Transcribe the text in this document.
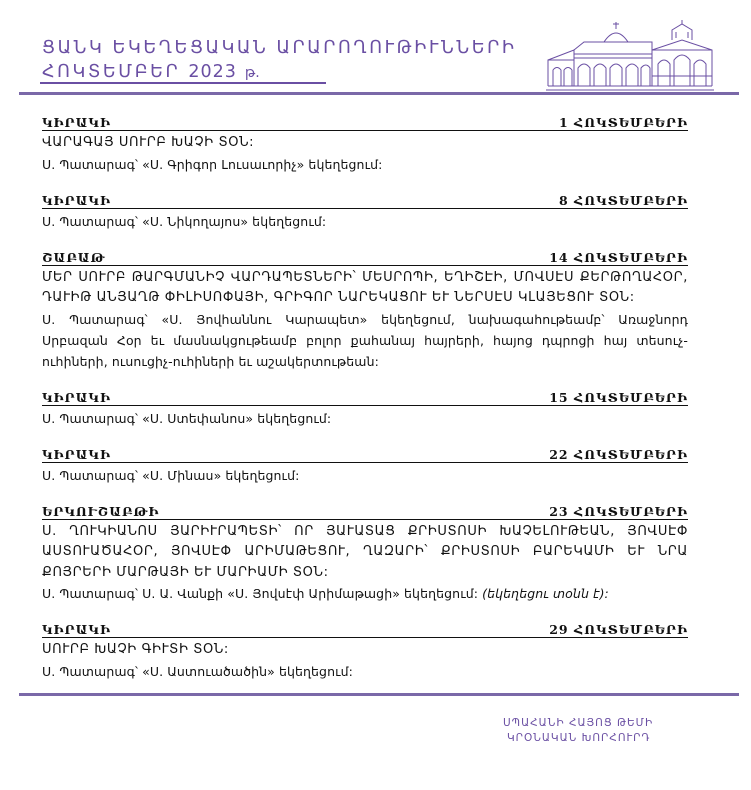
ՑԱՆԿ ԵԿԵՂԵՑԱԿԱՆ ԱՐԱՐՈՂՈՒԹԻՒՆՆԵՐԻ
ՀՈԿՏԵՄԲԵՐ 2023 թ.
ԿԻՐԱԿԻ	1 ՀՈԿՏԵՄԲԵՐԻ
ՎԱՐԱԳԱՅ ՍՈՒՐԲ ԽԱՉԻ ՏՕՆ:
Ս. Պատարագ՝ «Ս. Գրիգոր Լուսաւորիչ» եկեղեցում:
ԿԻՐԱԿԻ	8 ՀՈԿՏԵՄԲԵՐԻ
Ս. Պատարագ՝ «Ս. Նիկողայոս» եկեղեցում:
ՇԱԲԱԹ	14 ՀՈԿՏԵՄԲԵՐԻ
ՄԵՐ ՍՈՒՐԲ ԹԱՐԳՄԱՆԻՉ ՎԱՐԴԱՊԵՏՆԵՐԻ՝ ՄԵՍՐՈՊԻ, ԵՂԻՇԷԻ, ՄՈՎՍԷՍ ՔԵՐԹՈՂԱՀՕՐ, ԴԱՒԻԹ ԱՆՅԱՂԹ ՓԻԼԻՍՈՓԱՅԻ, ԳՐԻԳՈՐ ՆԱՐԵԿԱՑՈՒ ԵՒ ՆԵՐՍԷՍ ԿԼԱՅԵՑՈՒ ՏՕՆ:
Ս. Պատարագ՝ «Ս. Յովհաննու Կարապետ» եկեղեցում, նախագահութեամբ՝ Առաջնորդ Սրբազան Հօր եւ մասնակցութեամբ բոլոր քահանայ հայրերի, հայոց դպրոցի հայ տեսուչ-ուհիների, ուսուցիչ-ուհիների եւ աշակերտութեան:
ԿԻՐԱԿԻ	15 ՀՈԿՏԵՄԲԵՐԻ
Ս. Պատարագ՝ «Ս. Ստեփանոս» եկեղեցում:
ԿԻՐԱԿԻ	22 ՀՈԿՏԵՄԲԵՐԻ
Ս. Պատարագ՝ «Ս. Մինաս» եկեղեցում:
ԵՐԿՈՒՇԱԲԹԻ	23 ՀՈԿՏԵՄԲԵՐԻ
Ս. ՂՈՒԿԻԱՆՈՍ ՅԱՐԻՒՐԱՊԵՏԻ՝ ՈՐ ՅԱՒԱՏԱՑ ՔՐԻՍՏՈՍԻ ԽԱՉԵԼՈՒԹԵԱՆ, ՅՈՎՍԷՓ ԱՍՏՈՒԱԾԱՀՕՐ, ՅՈՎՍԷՓ ԱՐԻՄԱԹԵՑՈՒ, ՂԱԶԱՐԻ՝ ՔՐԻՍՏՈՍԻ ԲԱՐԵԿԱՄԻ ԵՒ ՆՐԱ ՔՈՅՐԵՐԻ ՄԱՐԹԱՅԻ ԵՒ ՄԱՐԻԱՄԻ ՏՕՆ:
Ս. Պատարագ՝ Ս. Ա. Վանքի «Ս. Յովսէփ Արիմաթացի» եկեղեցում: (եկեղեցու տօնն է):
ԿԻՐԱԿԻ	29 ՀՈԿՏԵՄԲԵՐԻ
ՍՈՒՐԲ ԽԱՉԻ ԳԻՒՏԻ ՏՕՆ:
Ս. Պատարագ՝ «Ս. Աստուածածին» եկեղեցում:
ՍՊԱՀԱՆԻ ՀԱՅՈՑ ԹԵՄԻ
ԿՐՕՆԱԿԱՆ ԽՈՐՀՈՒՐԴ
